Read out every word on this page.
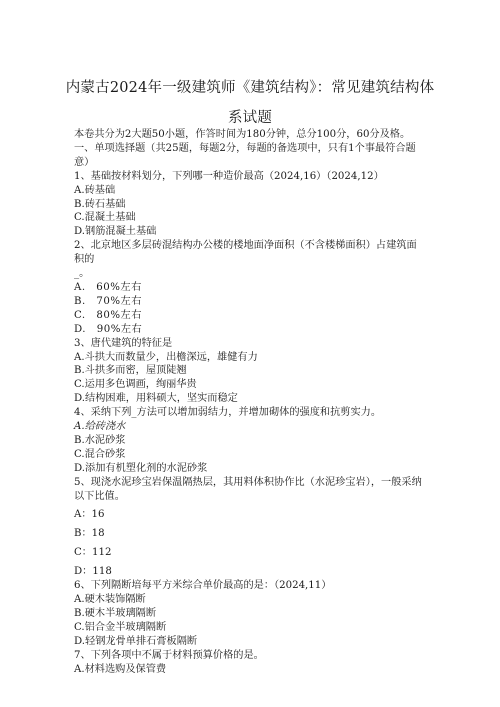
内蒙古2024年一级建筑师《建筑结构》：常见建筑结构体
系试题
本卷共分为2大题50小题，作答时间为180分钟，总分100分，60分及格。
一、单项选择题（共25题，每题2分，每题的备选项中，只有1个事最符合题意）
1、基础按材料划分，下列哪一种造价最高（2024,16）（2024,12）
A.砖基础
B.砖石基础
C.混凝土基础
D.钢筋混凝土基础
2、北京地区多层砖混结构办公楼的楼地面净面积（不含楼梯面积）占建筑面积的
_。
A.　60%左右
B.　70%左右
C.　80%左右
D.　90%左右
3、唐代建筑的特征是
A.斗拱大而数量少，出檐深远，雄健有力
B.斗拱多而密，屋顶陡翘
C.运用多色调画，绚丽华贵
D.结构困难，用料硕大，坚实而稳定
4、采纳下列_方法可以增加弱结力，并增加砌体的强度和抗剪实力。
A.给砖浇水
B.水泥砂浆
C.混合砂浆
D.添加有机塑化剂的水泥砂浆
5、现浇水泥珍宝岩保温隔热层，其用料体积协作比（水泥珍宝岩），一般采纳以下比值。
A：16
B：18
C：112
D：118
6、下列隔断培每平方米综合单价最高的是：（2024,11）
A.硬木装饰隔断
B.硬木半玻璃隔断
C.铝合金半玻璃隔断
D.轻钢龙骨单排石膏板隔断
7、下列各项中不属于材料预算价格的是。
A.材料选购及保管费
